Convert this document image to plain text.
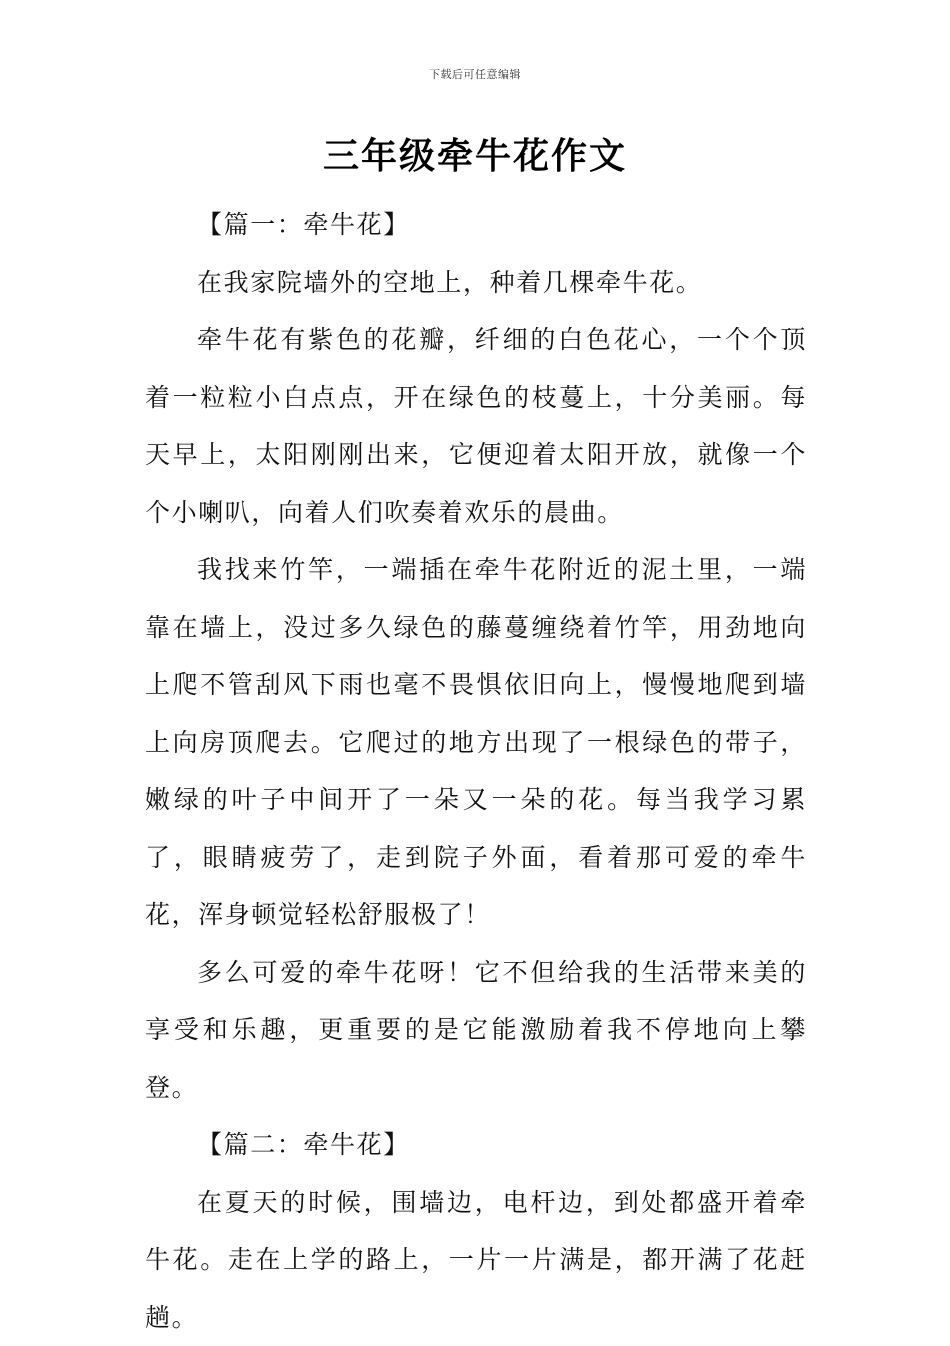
下载后可任意编辑
三年级牵牛花作文
【篇一：牵牛花】

在我家院墙外的空地上，种着几棵牵牛花。

牵牛花有紫色的花瓣，纤细的白色花心，一个个顶着一粒粒小白点点，开在绿色的枝蔓上，十分美丽。每天早上，太阳刚刚出来，它便迎着太阳开放，就像一个个小喇叭，向着人们吹奏着欢乐的晨曲。

我找来竹竿，一端插在牵牛花附近的泥土里，一端靠在墙上，没过多久绿色的藤蔓缠绕着竹竿，用劲地向上爬不管刮风下雨也毫不畏惧依旧向上，慢慢地爬到墙上向房顶爬去。它爬过的地方出现了一根绿色的带子，嫩绿的叶子中间开了一朵又一朵的花。每当我学习累了，眼睛疲劳了，走到院子外面，看着那可爱的牵牛花，浑身顿觉轻松舒服极了！

多么可爱的牵牛花呀！它不但给我的生活带来美的享受和乐趣，更重要的是它能激励着我不停地向上攀登。

【篇二：牵牛花】

在夏天的时候，围墙边，电杆边，到处都盛开着牵牛花。走在上学的路上，一片一片满是，都开满了花赶趟。
